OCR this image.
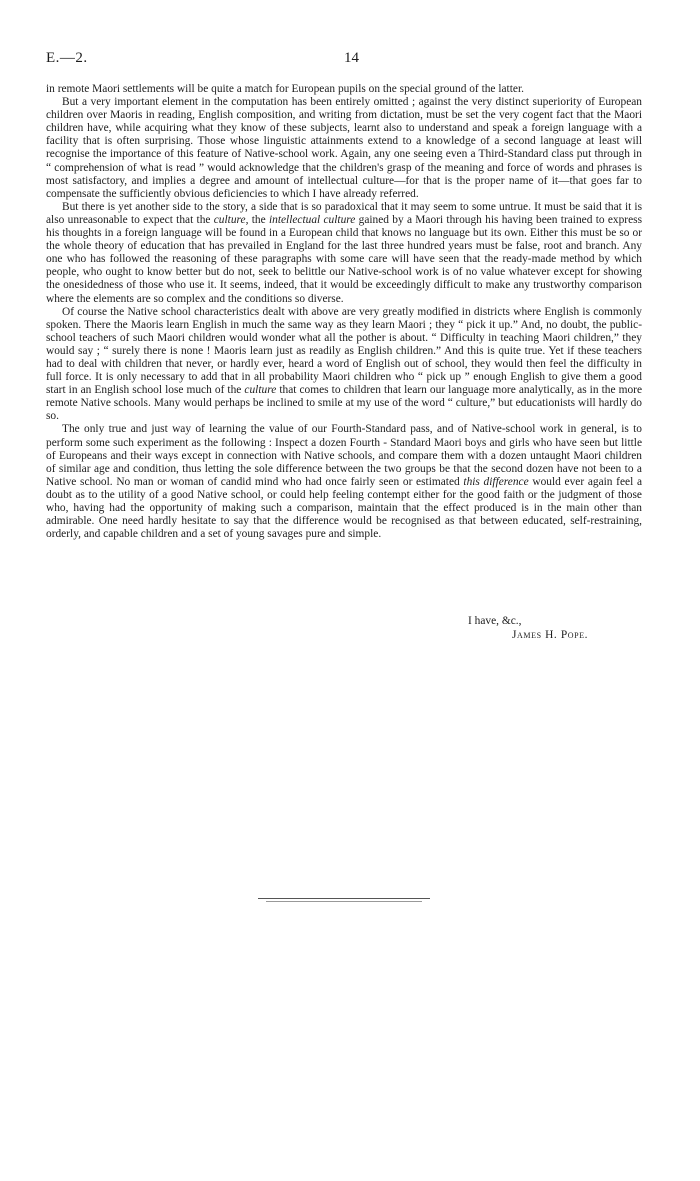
E.—2.	14

in remote Maori settlements will be quite a match for European pupils on the special ground of the latter.

But a very important element in the computation has been entirely omitted ; against the very distinct superiority of European children over Maoris in reading, English composition, and writing from dictation, must be set the very cogent fact that the Maori children have, while acquiring what they know of these subjects, learnt also to understand and speak a foreign language with a facility that is often surprising. Those whose linguistic attainments extend to a knowledge of a second language at least will recognise the importance of this feature of Native-school work. Again, any one seeing even a Third-Standard class put through in “ comprehension of what is read ” would acknowledge that the children's grasp of the meaning and force of words and phrases is most satisfactory, and implies a degree and amount of intellectual culture—for that is the proper name of it—that goes far to compensate the sufficiently obvious deficiencies to which I have already referred.

But there is yet another side to the story, a side that is so paradoxical that it may seem to some untrue. It must be said that it is also unreasonable to expect that the culture, the intellectual culture gained by a Maori through his having been trained to express his thoughts in a foreign language will be found in a European child that knows no language but its own. Either this must be so or the whole theory of education that has prevailed in England for the last three hundred years must be false, root and branch. Any one who has followed the reasoning of these paragraphs with some care will have seen that the ready-made method by which people, who ought to know better but do not, seek to belittle our Native-school work is of no value whatever except for showing the onesidedness of those who use it. It seems, indeed, that it would be exceedingly difficult to make any trustworthy comparison where the elements are so complex and the conditions so diverse.

Of course the Native school characteristics dealt with above are very greatly modified in districts where English is commonly spoken. There the Maoris learn English in much the same way as they learn Maori ; they “ pick it up.” And, no doubt, the public-school teachers of such Maori children would wonder what all the pother is about. “ Difficulty in teaching Maori children,” they would say ; “ surely there is none ! Maoris learn just as readily as English children.” And this is quite true. Yet if these teachers had to deal with children that never, or hardly ever, heard a word of English out of school, they would then feel the difficulty in full force. It is only necessary to add that in all probability Maori children who “ pick up ” enough English to give them a good start in an English school lose much of the culture that comes to children that learn our language more analytically, as in the more remote Native schools. Many would perhaps be inclined to smile at my use of the word “ culture,” but educationists will hardly do so.

The only true and just way of learning the value of our Fourth-Standard pass, and of Native-school work in general, is to perform some such experiment as the following : Inspect a dozen Fourth - Standard Maori boys and girls who have seen but little of Europeans and their ways except in connection with Native schools, and compare them with a dozen untaught Maori children of similar age and condition, thus letting the sole difference between the two groups be that the second dozen have not been to a Native school. No man or woman of candid mind who had once fairly seen or estimated this difference would ever again feel a doubt as to the utility of a good Native school, or could help feeling contempt either for the good faith or the judgment of those who, having had the opportunity of making such a comparison, maintain that the effect produced is in the main other than admirable. One need hardly hesitate to say that the difference would be recognised as that between educated, self-restraining, orderly, and capable children and a set of young savages pure and simple.

I have, &c.,
James H. Pope.
